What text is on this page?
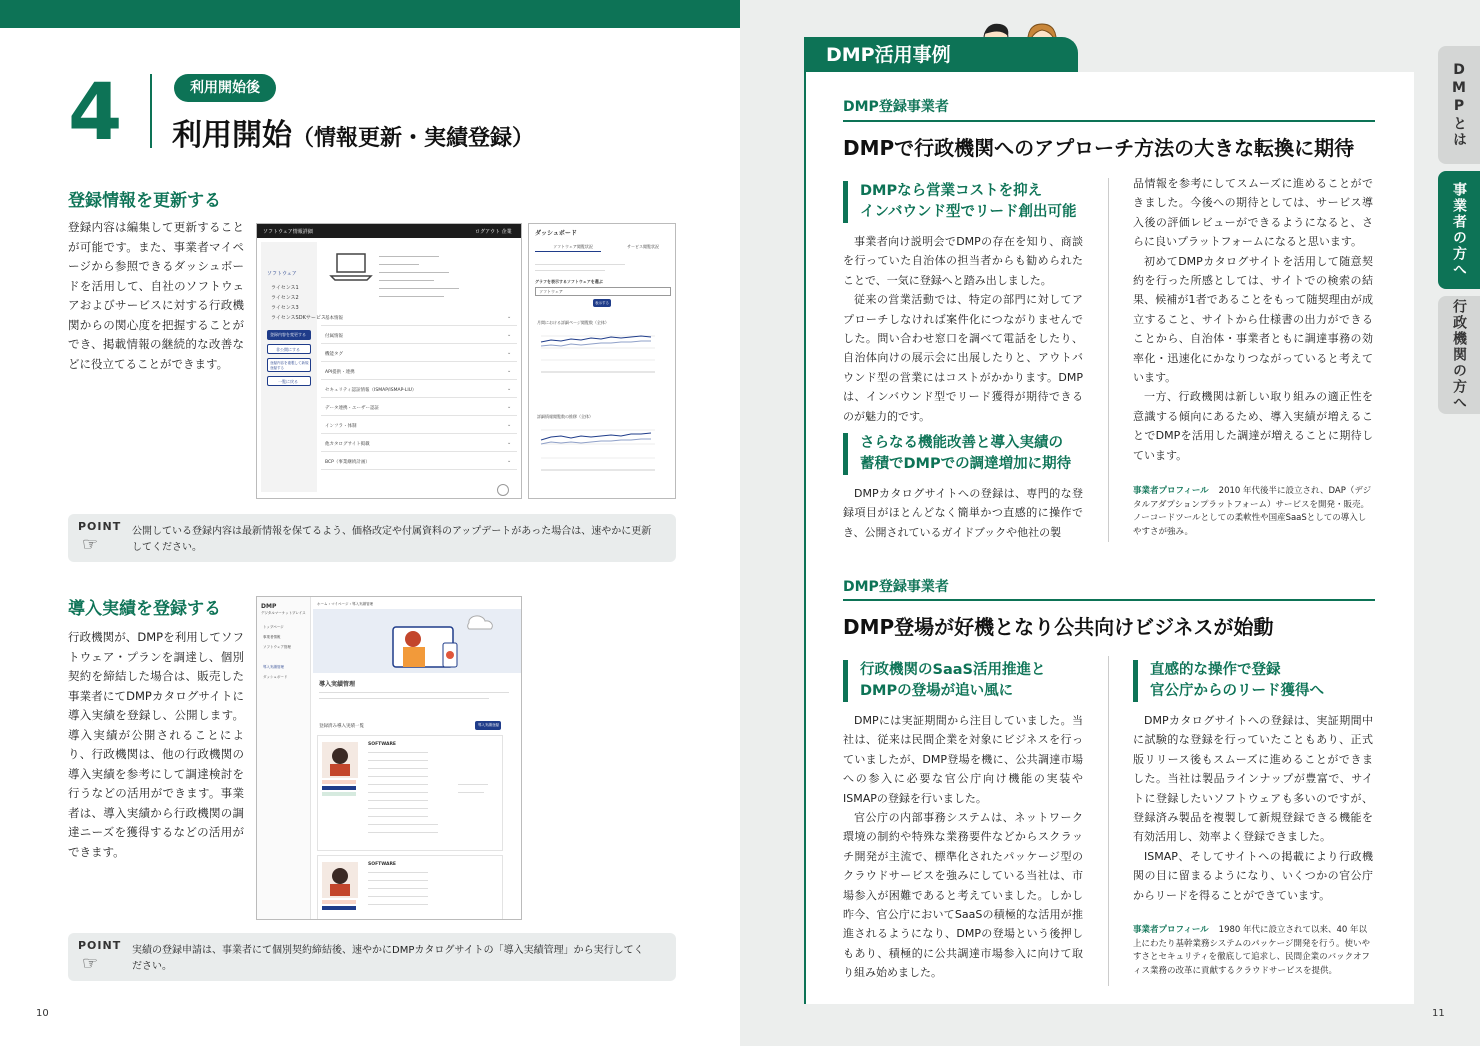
4	利用開始後
利用開始（情報更新・実績登録）
登録情報を更新する
登録内容は編集して更新することが可能です。また、事業者マイページから参照できるダッシュボードを活用して、自社のソフトウェアおよびサービスに対する行政機関からの関心度を把握することができ、掲載情報の継続的な改善などに役立てることができます。
ソフトウェア情報詳細	ログアウト 企業
ソフトウェア
ライセンス1
ライセンス2
ライセンス3
ライセンスSDKサービス
登録内容を変更する
非公開にする
登録内容を複製して新規登録する
一覧に戻る
基本情報	⌄
付属情報	⌄
機能タグ	⌄
API提供・連携	⌄
セキュリティ認証情報（ISMAP/ISMAP-LIU）	⌄
データ連携・ユーザー認証	⌄
インフラ・体制	⌄
他カタログサイト掲載	⌄
BCP（事業継続計画）	⌄
ダッシュボード
ソフトウェア閲覧状況	サービス閲覧状況
グラフを表示するソフトウェアを選ぶ
ソフトウェア
表示する
月間における詳細ページ閲覧数（全体）
詳細情報閲覧数の推移（全体）
POINT
☞
公開している登録内容は最新情報を保てるよう、価格改定や付属資料のアップデートがあった場合は、速やかに更新してください。
導入実績を登録する
行政機関が、DMPを利用してソフトウェア・プランを調達し、個別契約を締結した場合は、販売した事業者にてDMPカタログサイトに導入実績を登録し、公開します。導入実績が公開されることにより、行政機関は、他の行政機関の導入実績を参考にして調達検討を行うなどの活用ができます。事業者は、導入実績から行政機関の調達ニーズを獲得するなどの活用ができます。
DMP
デジタルマーケットプレイス
トップページ
事業者情報
ソフトウェア管理
導入実績管理
ダッシュボード
ホーム › マイページ › 導入実績管理
導入実績管理
登録済み導入実績一覧	導入実績登録
SOFTWARE
SOFTWARE
POINT
☞
実績の登録申請は、事業者にて個別契約締結後、速やかにDMPカタログサイトの「導入実績管理」から実行してください。
10
DMP活用事例
DMPとは
事業者の方へ
行政機関の方へ
DMP登録事業者
DMPで行政機関へのアプローチ方法の大きな転換に期待
DMPなら営業コストを抑え
インバウンド型でリード創出可能

事業者向け説明会でDMPの存在を知り、商談を行っていた自治体の担当者からも勧められたことで、一気に登録へと踏み出しました。

従来の営業活動では、特定の部門に対してアプローチしなければ案件化につながりませんでした。問い合わせ窓口を調べて電話をしたり、自治体向けの展示会に出展したりと、アウトバウンド型の営業にはコストがかかります。DMPは、インバウンド型でリード獲得が期待できるのが魅力的です。

さらなる機能改善と導入実績の
蓄積でDMPでの調達増加に期待

DMPカタログサイトへの登録は、専門的な登録項目がほとんどなく簡単かつ直感的に操作でき、公開されているガイドブックや他社の製

品情報を参考にしてスムーズに進めることができました。今後への期待としては、サービス導入後の評価レビューができるようになると、さらに良いプラットフォームになると思います。

初めてDMPカタログサイトを活用して随意契約を行った所感としては、サイトでの検索の結果、候補が1者であることをもって随契理由が成立すること、サイトから仕様書の出力ができることから、自治体・事業者ともに調達事務の効率化・迅速化にかなりつながっていると考えています。

一方、行政機関は新しい取り組みの適正性を意識する傾向にあるため、導入実績が増えることでDMPを活用した調達が増えることに期待しています。

事業者プロフィール 2010 年代後半に設立され、DAP（デジタルアダプションプラットフォーム）サービスを開発・販売。ノーコードツールとしての柔軟性や国産SaaSとしての導入しやすさが強み。
DMP登録事業者
DMP登場が好機となり公共向けビジネスが始動
行政機関のSaaS活用推進と
DMPの登場が追い風に

DMPには実証期間から注目していました。当社は、従来は民間企業を対象にビジネスを行っていましたが、DMP登場を機に、公共調達市場への参入に必要な官公庁向け機能の実装やISMAPの登録を行いました。

官公庁の内部事務システムは、ネットワーク環境の制約や特殊な業務要件などからスクラッチ開発が主流で、標準化されたパッケージ型のクラウドサービスを強みにしている当社は、市場参入が困難であると考えていました。しかし昨今、官公庁においてSaaSの積極的な活用が推進されるようになり、DMPの登場という後押しもあり、積極的に公共調達市場参入に向けて取り組み始めました。

直感的な操作で登録
官公庁からのリード獲得へ

DMPカタログサイトへの登録は、実証期間中に試験的な登録を行っていたこともあり、正式版リリース後もスムーズに進めることができました。当社は製品ラインナップが豊富で、サイトに登録したいソフトウェアも多いのですが、登録済み製品を複製して新規登録できる機能を有効活用し、効率よく登録できました。

ISMAP、そしてサイトへの掲載により行政機関の目に留まるようになり、いくつかの官公庁からリードを得ることができています。

事業者プロフィール 1980 年代に設立されて以来、40 年以上にわたり基幹業務システムのパッケージ開発を行う。使いやすさとセキュリティを徹底して追求し、民間企業のバックオフィス業務の改革に貢献するクラウドサービスを提供。
11
